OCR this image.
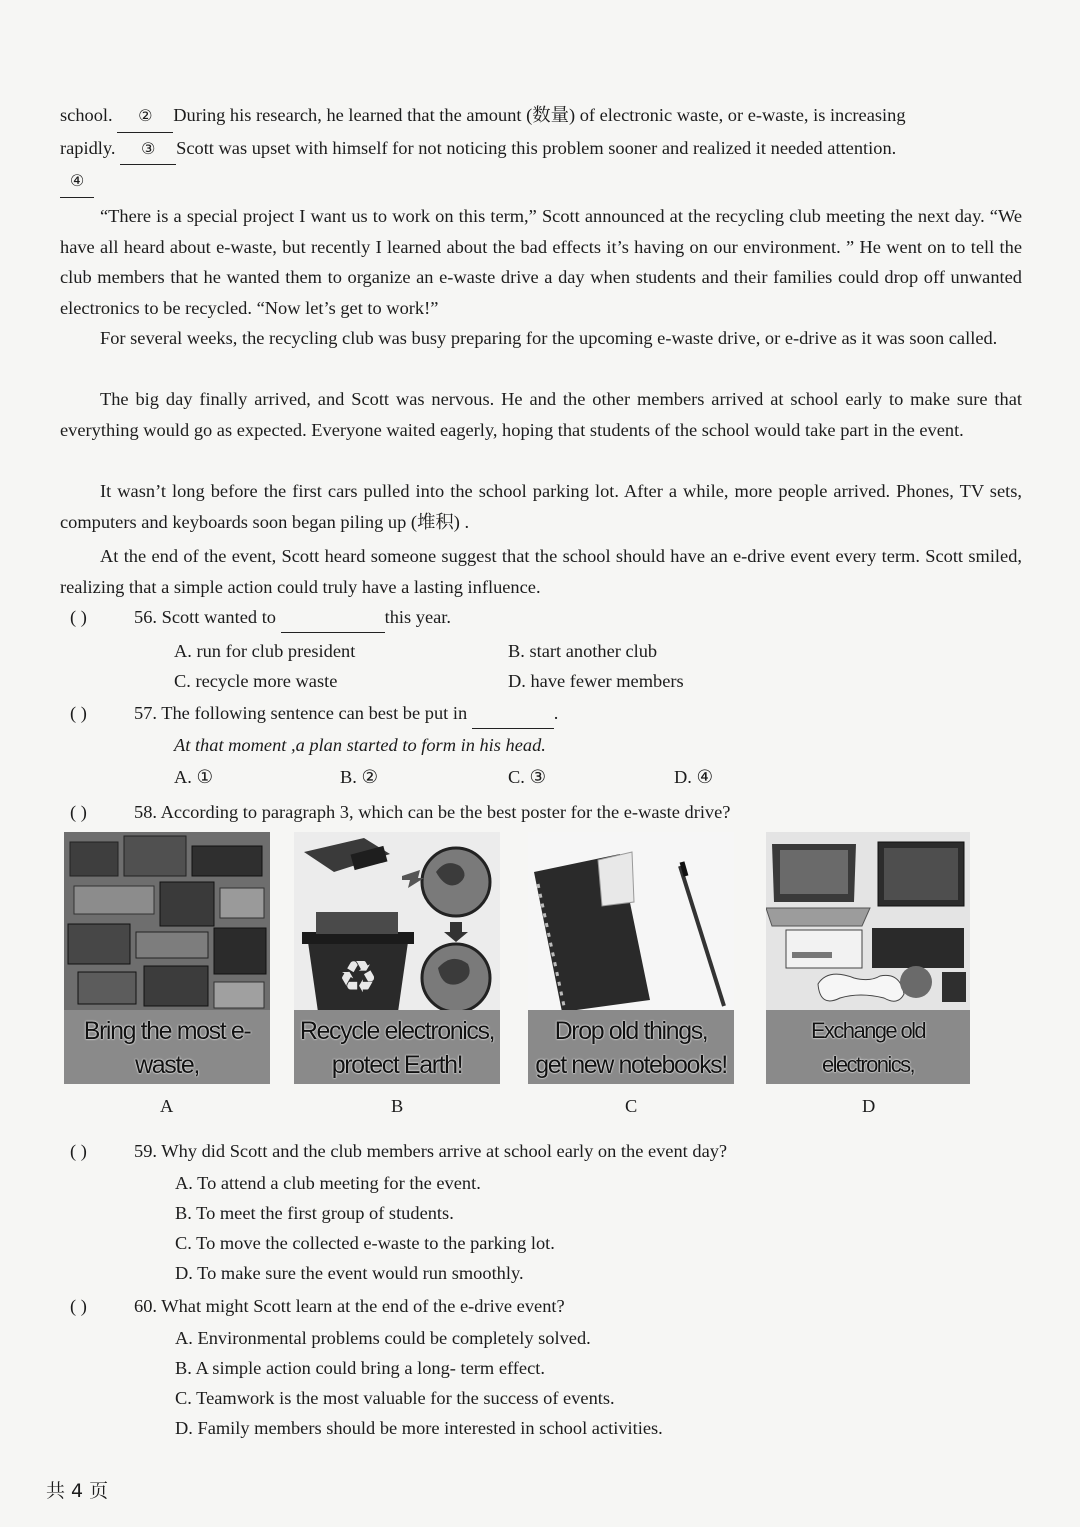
school. ② During his research, he learned that the amount (数量) of electronic waste, or e-waste, is increasing
rapidly. ③ Scott was upset with himself for not noticing this problem sooner and realized it needed attention.
④
“There is a special project I want us to work on this term,” Scott announced at the recycling club meeting the next day. “We have all heard about e-waste, but recently I learned about the bad effects it’s having on our environment. ” He went on to tell the club members that he wanted them to organize an e-waste drive a day when students and their families could drop off unwanted electronics to be recycled. “Now let’s get to work!”
For several weeks, the recycling club was busy preparing for the upcoming e-waste drive, or e-drive as it was soon called.
The big day finally arrived, and Scott was nervous. He and the other members arrived at school early to make sure that everything would go as expected. Everyone waited eagerly, hoping that students of the school would take part in the event.
It wasn’t long before the first cars pulled into the school parking lot. After a while, more people arrived. Phones, TV sets, computers and keyboards soon began piling up (堆积) .
At the end of the event, Scott heard someone suggest that the school should have an e-drive event every term. Scott smiled, realizing that a simple action could truly have a lasting influence.
( )	56. Scott wanted to	this year.
A. run for club president	B. start another club
C. recycle more waste	D. have fewer members
( )	57. The following sentence can best be put in	.
At that moment ,a plan started to form in his head.
A. ①	B. ②	C. ③	D. ④
( )	58. According to paragraph 3, which can be the best poster for the e-waste drive?
Bring the most e-waste,
♻
Recycle electronics,
protect Earth!
Drop old things,
get new notebooks!
Exchange old electronics,
A	B	C	D
( )	59. Why did Scott and the club members arrive at school early on the event day?
A. To attend a club meeting for the event.
B. To meet the first group of students.
C. To move the collected e-waste to the parking lot.
D. To make sure the event would run smoothly.
( )	60. What might Scott learn at the end of the e-drive event?
A. Environmental problems could be completely solved.
B. A simple action could bring a long- term effect.
C. Teamwork is the most valuable for the success of events.
D. Family members should be more interested in school activities.
共 4 页
